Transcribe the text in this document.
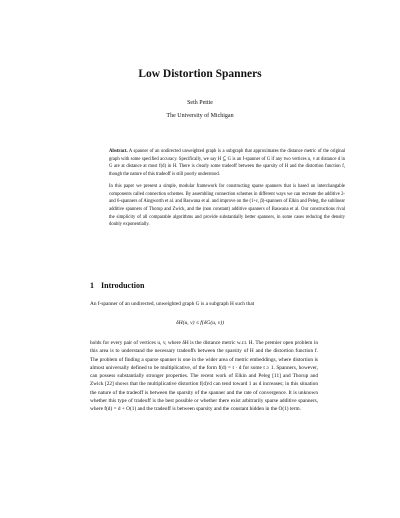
Low Distortion Spanners
Seth Pettie
The University of Michigan

Abstract. A spanner of an undirected unweighted graph is a subgraph that approximates the distance metric of the original graph with some specified accuracy. Specifically, we say H ⊆ G is an f-spanner of G if any two vertices u, v at distance d in G are at distance at most f(d) in H. There is clearly some tradeoff between the sparsity of H and the distortion function f, though the nature of this tradeoff is still poorly understood.

In this paper we present a simple, modular framework for constructing sparse spanners that is based on interchangable components called connection schemes. By assembling connection schemes in different ways we can recreate the additive 2- and 6-spanners of Aingworth et al. and Baswana et al. and improve on the (1+ε, β)-spanners of Elkin and Peleg, the sublinear additive spanners of Thorup and Zwick, and the (non constant) additive spanners of Baswana et al. Our constructions rival the simplicity of all comparable algorithms and provide substantially better spanners, in some cases reducing the density doubly exponentially.

1 Introduction

An f-spanner of an undirected, unweighted graph G is a subgraph H such that

δH(u, v) ≤ f(δG(u, v))

holds for every pair of vertices u, v, where δH is the distance metric w.r.t. H. The premier open problem in this area is to understand the necessary tradeoffs between the sparsity of H and the distortion function f. The problem of finding a sparse spanner is one in the wider area of metric embeddings, where distortion is almost universally defined to be multiplicative, of the form f(d) = t · d for some t ≥ 1. Spanners, however, can possess substantially stronger properties. The recent work of Elkin and Peleg [11] and Thorup and Zwick [22] shows that the multiplicative distortion f(d)/d can tend toward 1 as d increases; in this situation the nature of the tradeoff is between the sparsity of the spanner and the rate of convergence. It is unknown whether this type of tradeoff is the best possible or whether there exist arbitrarily sparse additive spanners, where f(d) = d + O(1) and the tradeoff is between sparsity and the constant hidden in the O(1) term.
